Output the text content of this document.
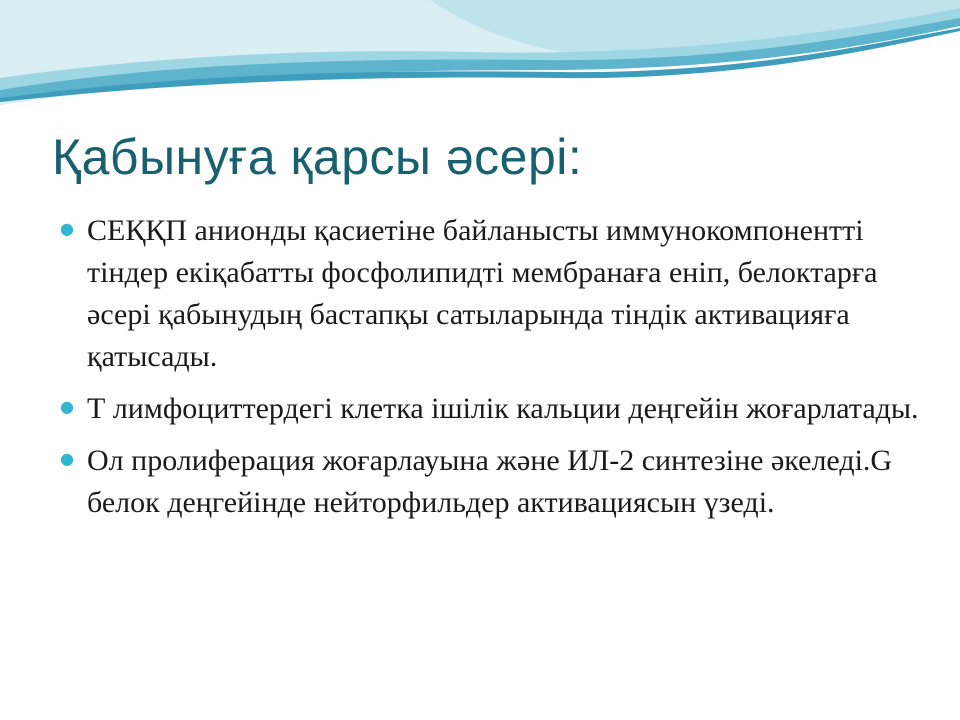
Қабынуға қарсы әсері:
● СЕҚҚП анионды қасиетіне байланысты иммунокомпоненттi тiндер екiқабатты фосфолипидтi мембранаға енiп, белоктарға әсерi қабынудың бастапқы сатыларында тiндiк активацияға қатысады.
● Т лимфоциттердегi клетка iшiлiк кальции деңгейiн жоғарлатады.
● Ол пролиферация жоғарлауына және ИЛ-2 синтезiне әкеледi.G белок деңгейiнде нейторфильдер активациясын үзедi.
